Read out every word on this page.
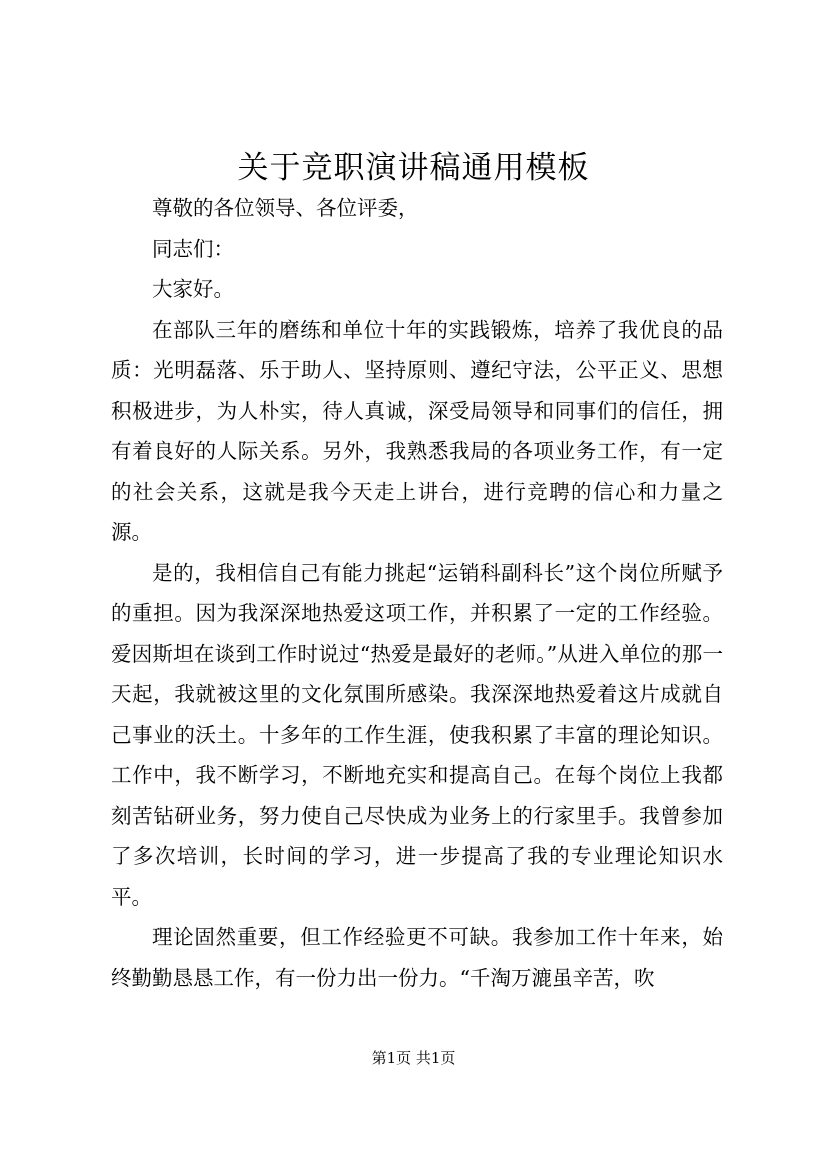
关于竞职演讲稿通用模板

尊敬的各位领导、各位评委，

同志们：

大家好。

在部队三年的磨练和单位十年的实践锻炼，培养了我优良的品质：光明磊落、乐于助人、坚持原则、遵纪守法，公平正义、思想积极进步，为人朴实，待人真诚，深受局领导和同事们的信任，拥有着良好的人际关系。另外，我熟悉我局的各项业务工作，有一定的社会关系，这就是我今天走上讲台，进行竞聘的信心和力量之源。

是的，我相信自己有能力挑起“运销科副科长”这个岗位所赋予的重担。因为我深深地热爱这项工作，并积累了一定的工作经验。爱因斯坦在谈到工作时说过“热爱是最好的老师。”从进入单位的那一天起，我就被这里的文化氛围所感染。我深深地热爱着这片成就自己事业的沃土。十多年的工作生涯，使我积累了丰富的理论知识。工作中，我不断学习，不断地充实和提高自己。在每个岗位上我都刻苦钻研业务，努力使自己尽快成为业务上的行家里手。我曾参加了多次培训，长时间的学习，进一步提高了我的专业理论知识水平。

理论固然重要，但工作经验更不可缺。我参加工作十年来，始终勤勤恳恳工作，有一份力出一份力。“千淘万漉虽辛苦，吹

第1页 共1页
